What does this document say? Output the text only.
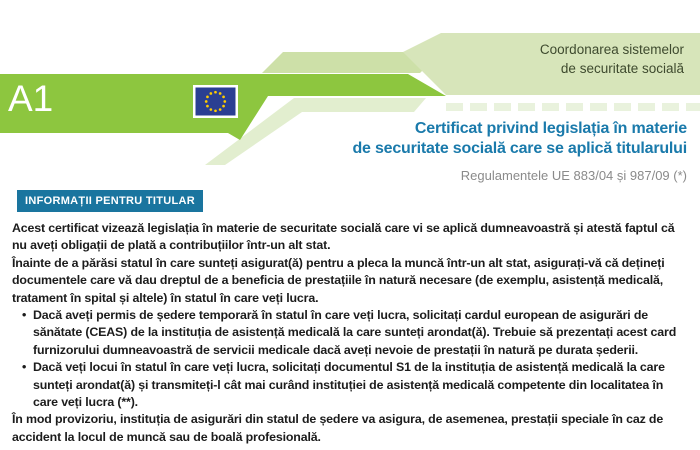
Coordonarea sistemelor
de securitate socială
A1
Certificat privind legislația în materie
de securitate socială care se aplică titularului
Regulamentele UE 883/04 și 987/09 (*)
INFORMAȚII PENTRU TITULAR

Acest certificat vizează legislația în materie de securitate socială care vi se aplică dumneavoastră și atestă faptul că nu aveți obligații de plată a contribuțiilor într-un alt stat.

Înainte de a părăsi statul în care sunteți asigurat(ă) pentru a pleca la muncă într-un alt stat, asigurați-vă că dețineți documentele care vă dau dreptul de a beneficia de prestațiile în natură necesare (de exemplu, asistență medicală, tratament în spital și altele) în statul în care veți lucra.

• Dacă aveți permis de ședere temporară în statul în care veți lucra, solicitați cardul european de asigurări de sănătate (CEAS) de la instituția de asistență medicală la care sunteți arondat(ă). Trebuie să prezentați acest card furnizorului dumneavoastră de servicii medicale dacă aveți nevoie de prestații în natură pe durata șederii.
• Dacă veți locui în statul în care veți lucra, solicitați documentul S1 de la instituția de asistență medicală la care sunteți arondat(ă) și transmiteți-l cât mai curând instituției de asistență medicală competente din localitatea în care veți lucra (**).

În mod provizoriu, instituția de asigurări din statul de ședere va asigura, de asemenea, prestații speciale în caz de accident la locul de muncă sau de boală profesională.
